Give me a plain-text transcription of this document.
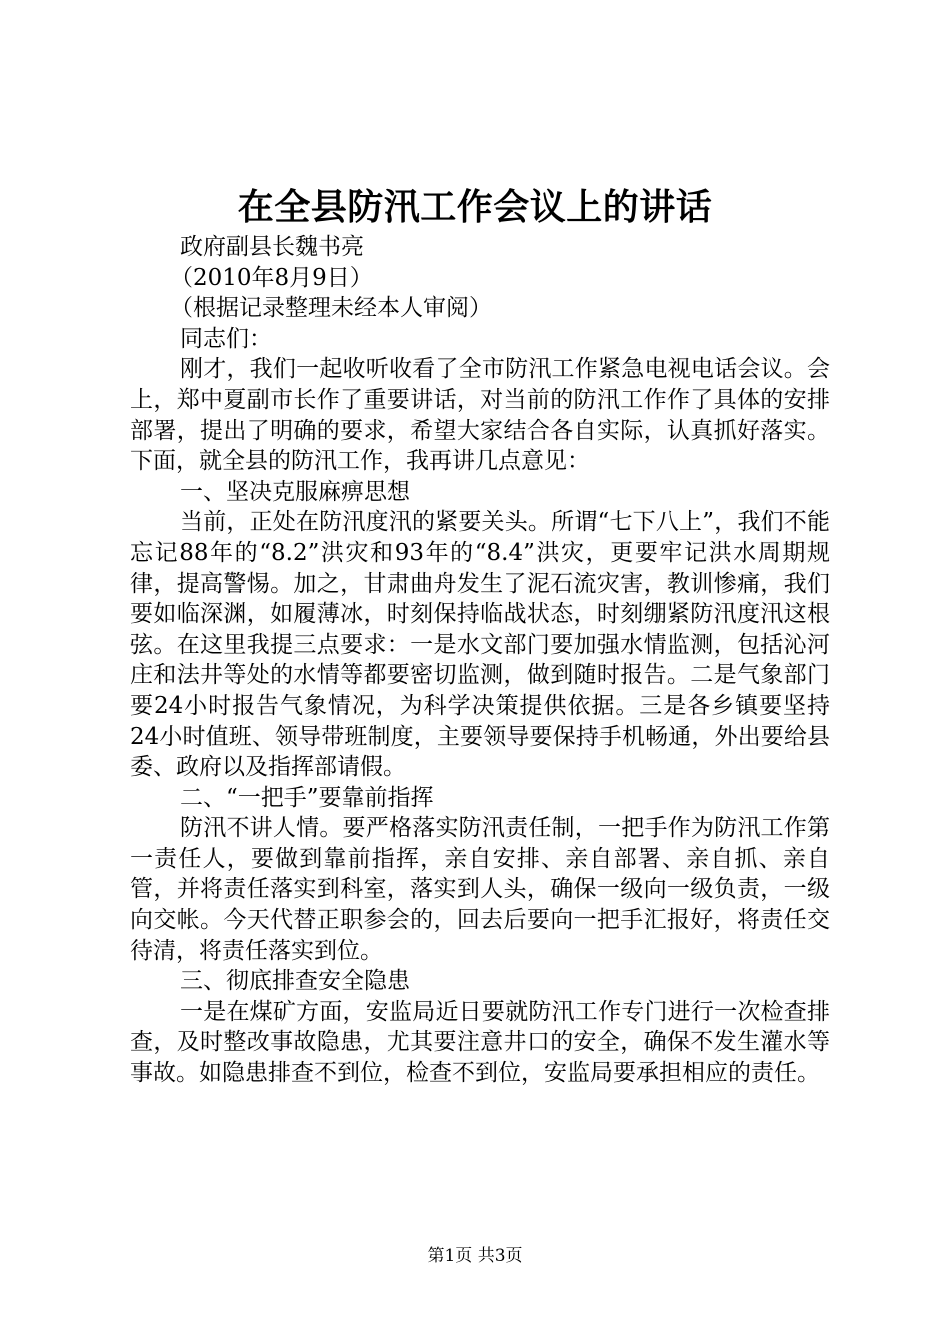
在全县防汛工作会议上的讲话
政府副县长魏书亮
（2010年8月9日）
（根据记录整理未经本人审阅）
同志们：

刚才，我们一起收听收看了全市防汛工作紧急电视电话会议。会上，郑中夏副市长作了重要讲话，对当前的防汛工作作了具体的安排部署，提出了明确的要求，希望大家结合各自实际，认真抓好落实。下面，就全县的防汛工作，我再讲几点意见：

一、坚决克服麻痹思想

当前，正处在防汛度汛的紧要关头。所谓“七下八上”，我们不能忘记88年的“8.2”洪灾和93年的“8.4”洪灾，更要牢记洪水周期规律，提高警惕。加之，甘肃曲舟发生了泥石流灾害，教训惨痛，我们要如临深渊，如履薄冰，时刻保持临战状态，时刻绷紧防汛度汛这根弦。在这里我提三点要求：一是水文部门要加强水情监测，包括沁河庄和法井等处的水情等都要密切监测，做到随时报告。二是气象部门要24小时报告气象情况，为科学决策提供依据。三是各乡镇要坚持24小时值班、领导带班制度，主要领导要保持手机畅通，外出要给县委、政府以及指挥部请假。

二、“一把手”要靠前指挥

防汛不讲人情。要严格落实防汛责任制，一把手作为防汛工作第一责任人，要做到靠前指挥，亲自安排、亲自部署、亲自抓、亲自管，并将责任落实到科室，落实到人头，确保一级向一级负责，一级向交帐。今天代替正职参会的，回去后要向一把手汇报好，将责任交待清，将责任落实到位。

三、彻底排查安全隐患

一是在煤矿方面，安监局近日要就防汛工作专门进行一次检查排查，及时整改事故隐患，尤其要注意井口的安全，确保不发生灌水等事故。如隐患排查不到位，检查不到位，安监局要承担相应的责任。

第1页 共3页
